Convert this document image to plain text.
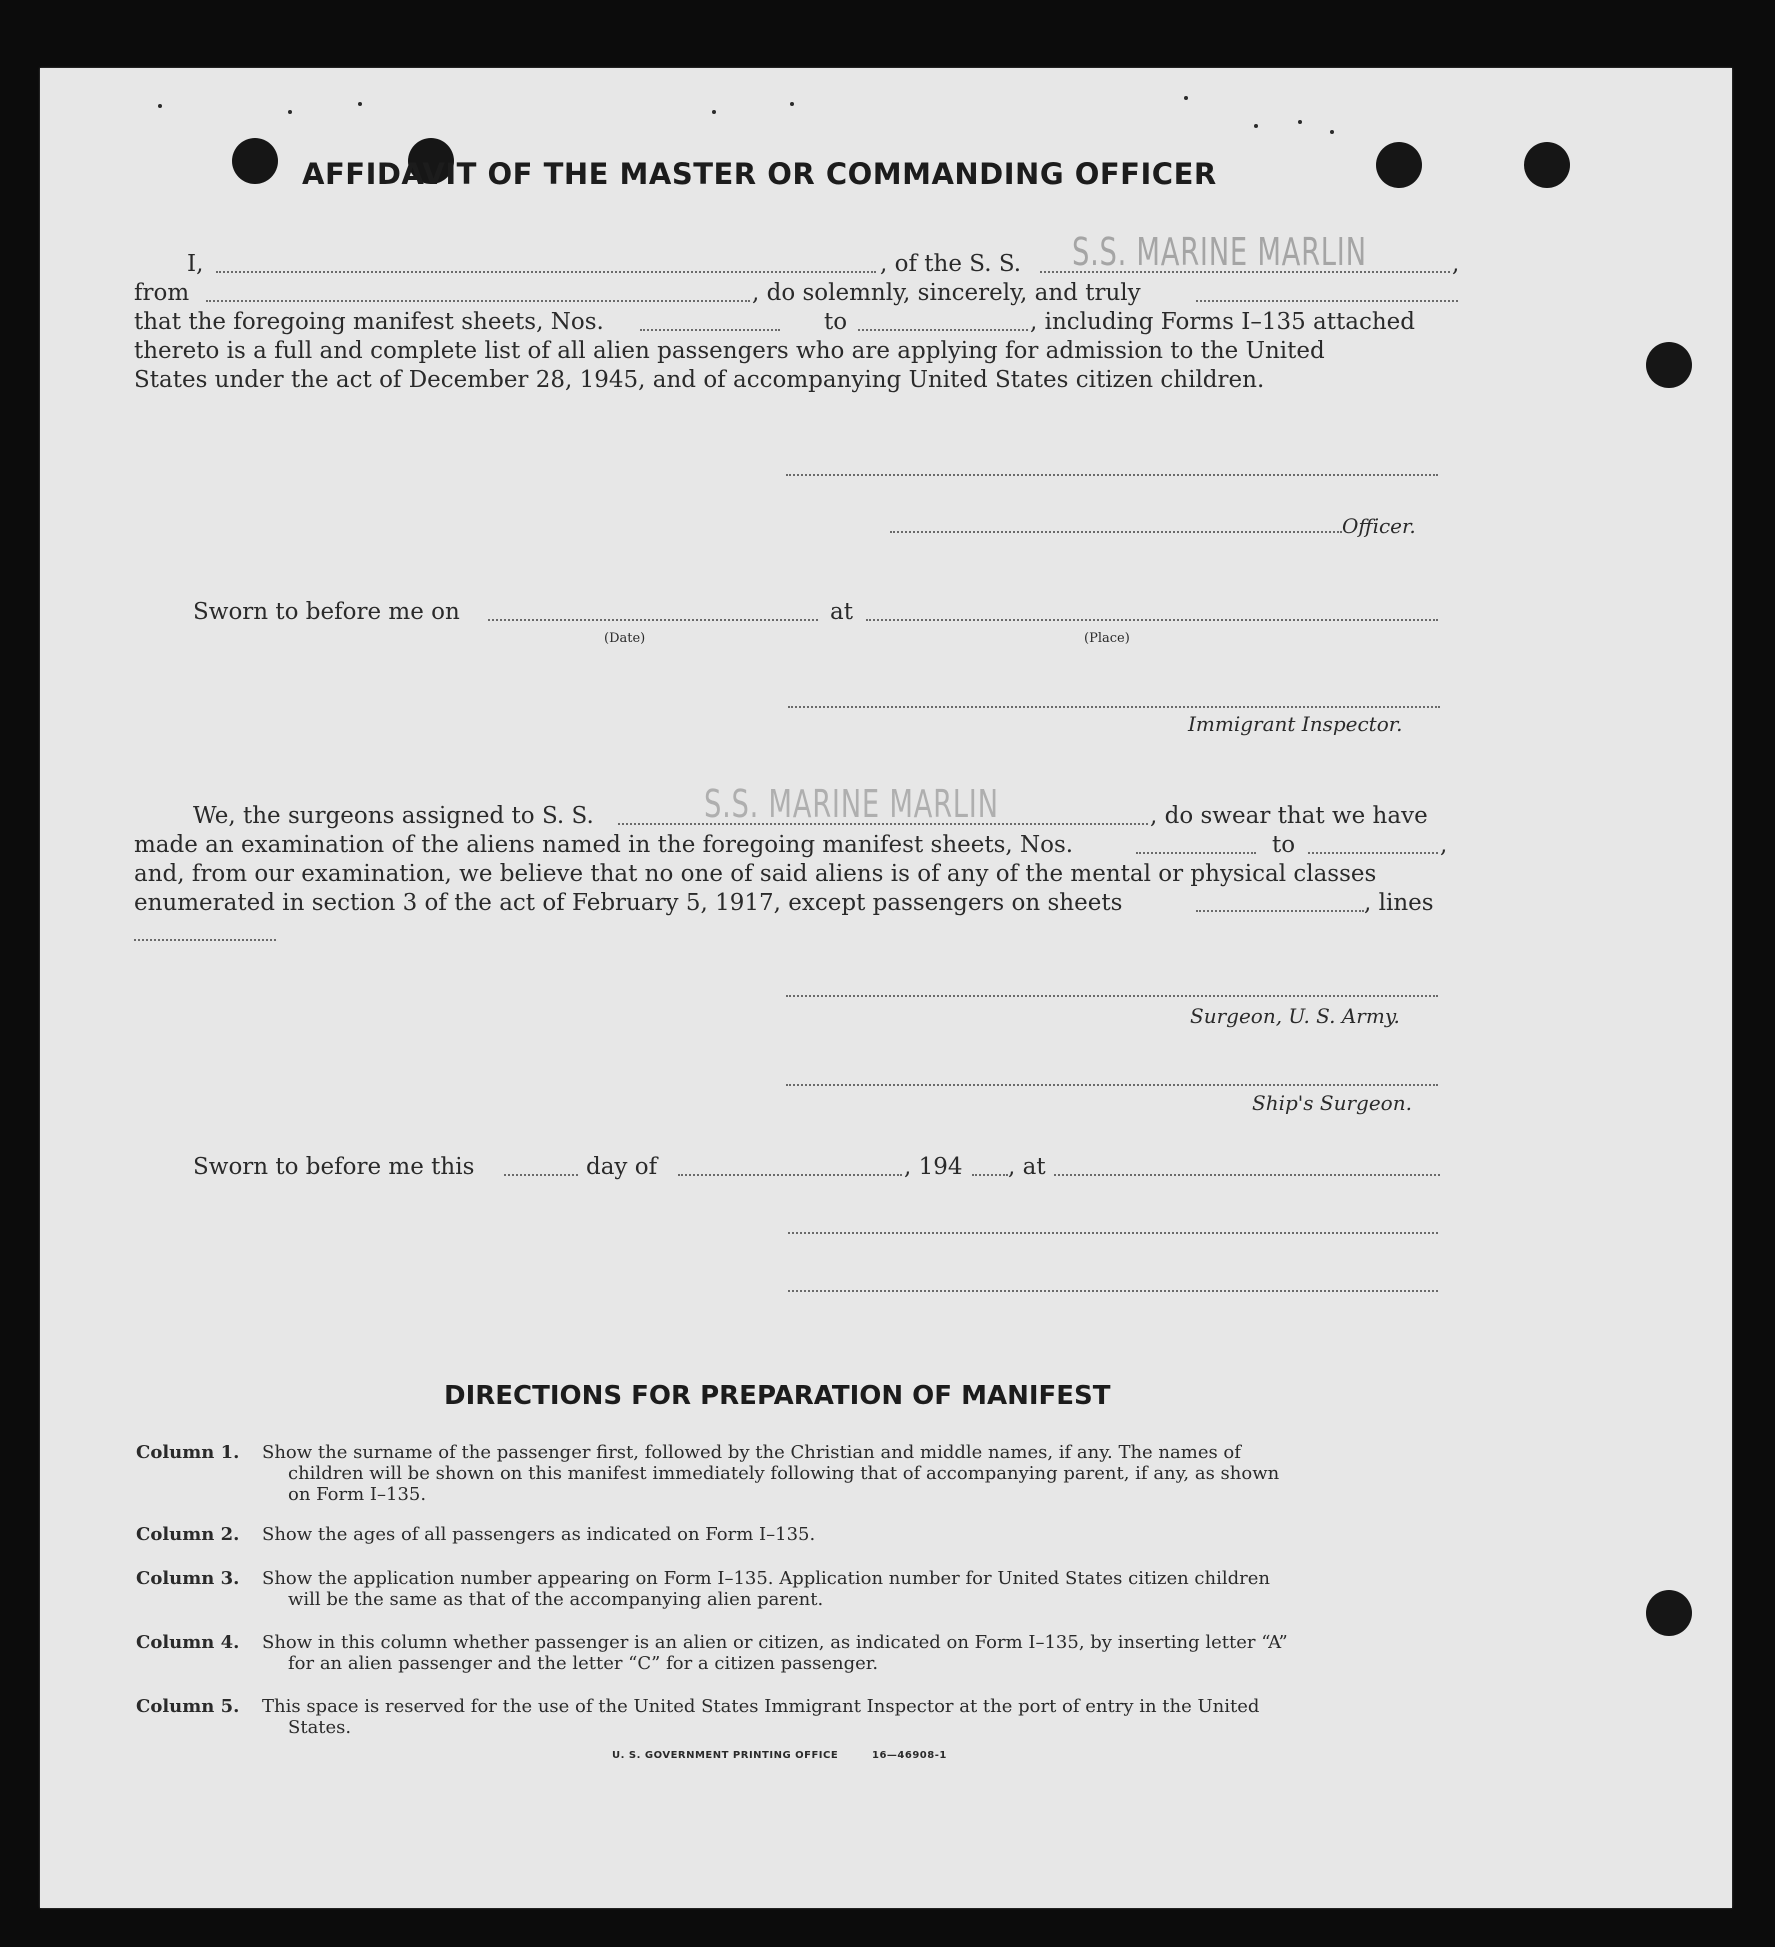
AFFIDAVIT OF THE MASTER OR COMMANDING OFFICER
I,	, of the S. S. S.S. MARINE MARLIN	,
from	, do solemnly, sincerely, and truly
that the foregoing manifest sheets, Nos.	to	, including Forms I–135 attached
thereto is a full and complete list of all alien passengers who are applying for admission to the United
States under the act of December 28, 1945, and of accompanying United States citizen children.
Officer.
Sworn to before me on	at
(Date)	(Place)
Immigrant Inspector.
We, the surgeons assigned to S. S.	S.S. MARINE MARLIN	, do swear that we have
made an examination of the aliens named in the foregoing manifest sheets, Nos.	to	,
and, from our examination, we believe that no one of said aliens is of any of the mental or physical classes
enumerated in section 3 of the act of February 5, 1917, except passengers on sheets	, lines
Surgeon, U. S. Army.
Ship's Surgeon.
Sworn to before me this	day of	, 194 , at
DIRECTIONS FOR PREPARATION OF MANIFEST
Column 1. Show the surname of the passenger first, followed by the Christian and middle names, if any. The names of
children will be shown on this manifest immediately following that of accompanying parent, if any, as shown
on Form I–135.
Column 2. Show the ages of all passengers as indicated on Form I–135.
Column 3. Show the application number appearing on Form I–135. Application number for United States citizen children
will be the same as that of the accompanying alien parent.
Column 4. Show in this column whether passenger is an alien or citizen, as indicated on Form I–135, by inserting letter “A”
for an alien passenger and the letter “C” for a citizen passenger.
Column 5. This space is reserved for the use of the United States Immigrant Inspector at the port of entry in the United
States.
U. S. GOVERNMENT PRINTING OFFICE	16—46908-1
